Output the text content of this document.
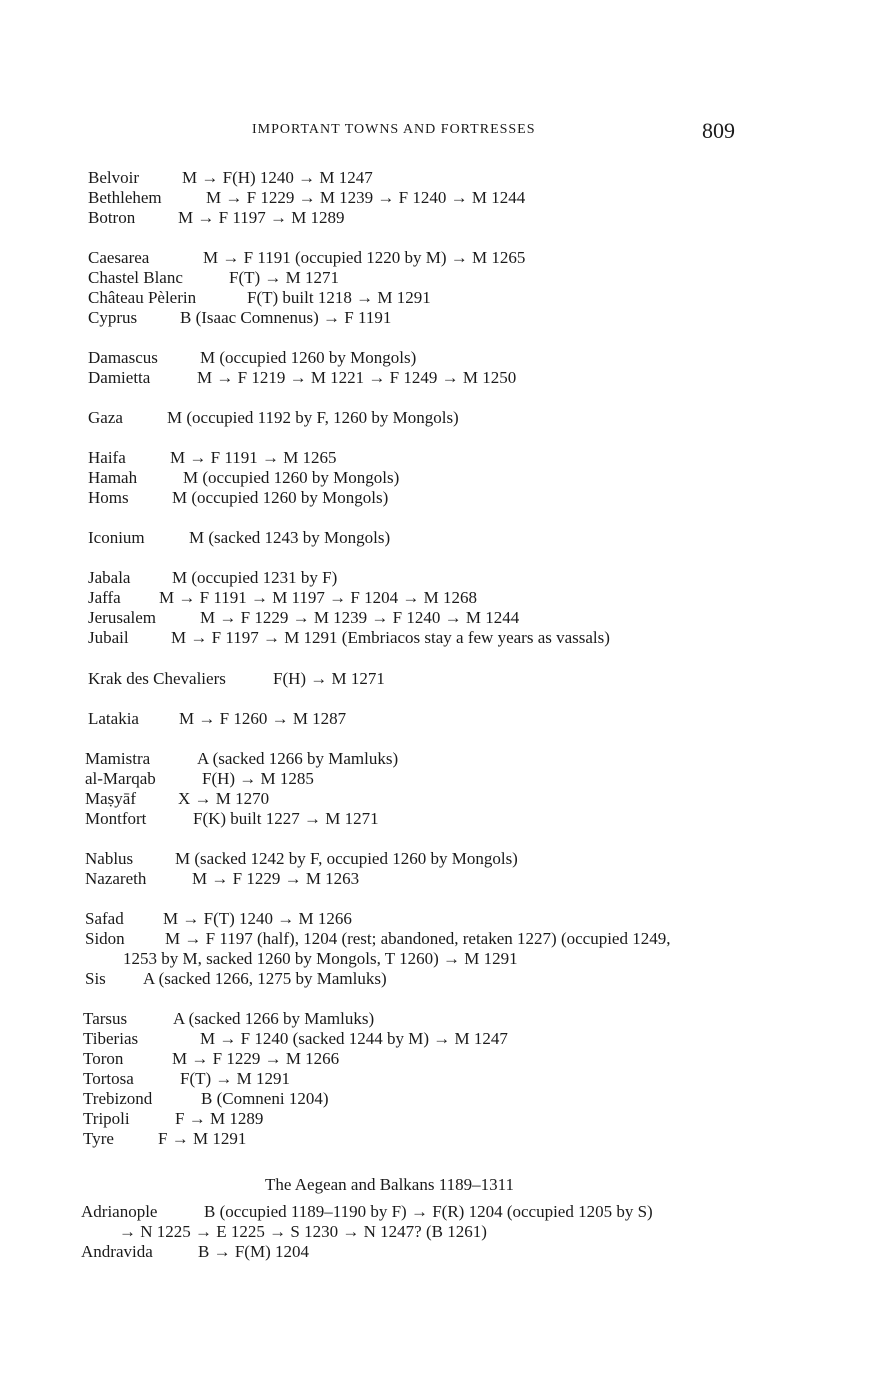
IMPORTANT TOWNS AND FORTRESSES	809
Belvoir	M → F(H) 1240 → M 1247
Bethlehem	M → F 1229 → M 1239 → F 1240 → M 1244
Botron	M → F 1197 → M 1289
Caesarea	M → F 1191 (occupied 1220 by M) → M 1265
Chastel Blanc	F(T) → M 1271
Château Pèlerin	F(T) built 1218 → M 1291
Cyprus	B (Isaac Comnenus) → F 1191
Damascus M (occupied 1260 by Mongols)
Damietta	M → F 1219 → M 1221 → F 1249 → M 1250
Gaza	M (occupied 1192 by F, 1260 by Mongols)
Haifa	M → F 1191 → M 1265
Hamah	M (occupied 1260 by Mongols)
Homs	M (occupied 1260 by Mongols)
Iconium	M (sacked 1243 by Mongols)
Jabala M (occupied 1231 by F)
Jaffa M → F 1191 → M 1197 → F 1204 → M 1268
Jerusalem	M → F 1229 → M 1239 → F 1240 → M 1244
Jubail M → F 1197 → M 1291 (Embriacos stay a few years as vassals)
Krak des Chevaliers	F(H) → M 1271
Latakia M → F 1260 → M 1287
Mamistra	A (sacked 1266 by Mamluks)
al-Marqab	F(H) → M 1285
Maṣyāf X → M 1270
Montfort	F(K) built 1227 → M 1271
Nablus M (sacked 1242 by F, occupied 1260 by Mongols)
Nazareth	M → F 1229 → M 1263
Safad M → F(T) 1240 → M 1266
Sidon M → F 1197 (half), 1204 (rest; abandoned, retaken 1227) (occupied 1249,
1253 by M, sacked 1260 by Mongols, T 1260) → M 1291
Sis A (sacked 1266, 1275 by Mamluks)
Tarsus	A (sacked 1266 by Mamluks)
Tiberias	M → F 1240 (sacked 1244 by M) → M 1247
Toron	M → F 1229 → M 1266
Tortosa	F(T) → M 1291
Trebizond	B (Comneni 1204)
Tripoli	F → M 1289
Tyre	F → M 1291
The Aegean and Balkans 1189–1311
Adrianople	B (occupied 1189–1190 by F) → F(R) 1204 (occupied 1205 by S)
→ N 1225 → E 1225 → S 1230 → N 1247? (B 1261)
Andravida	B → F(M) 1204
